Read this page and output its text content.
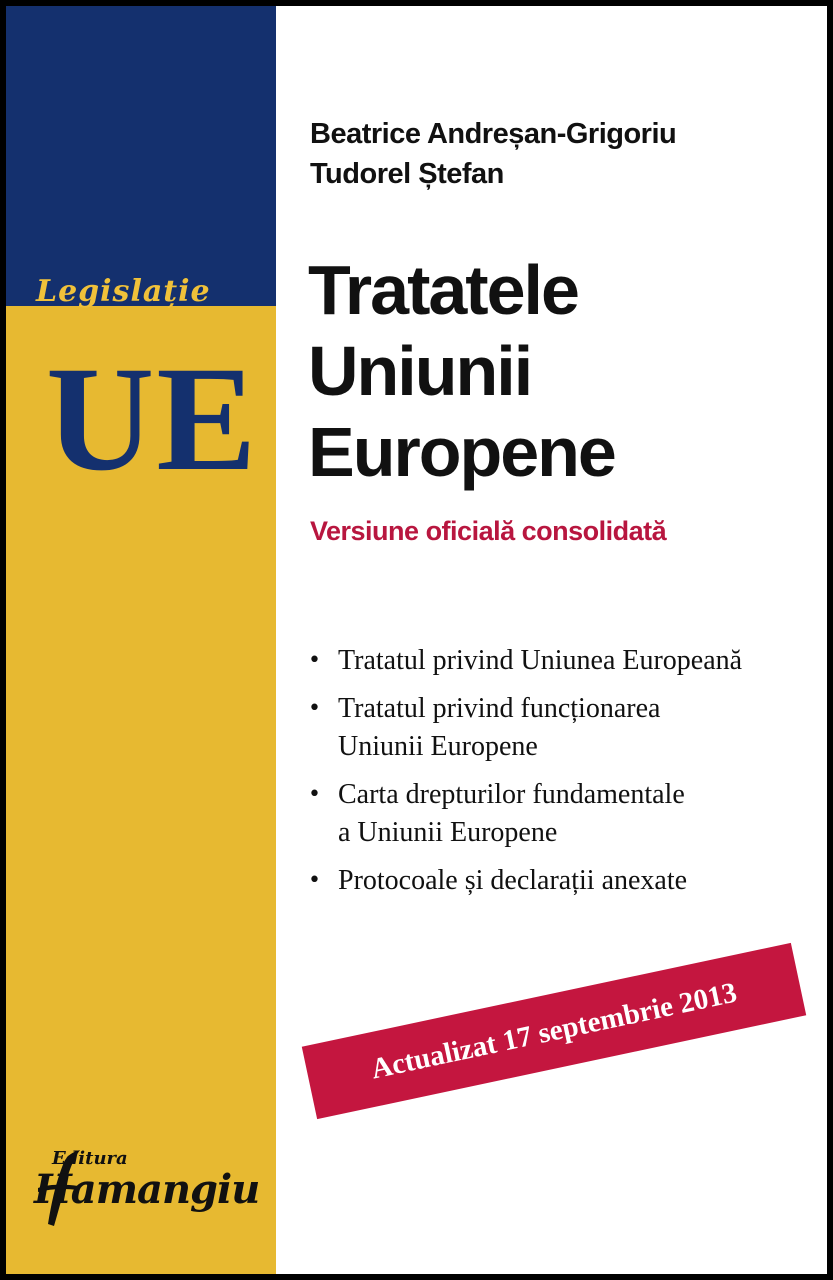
Legislație
UE
Beatrice Andreșan-Grigoriu
Tudorel Ștefan
Tratatele
Uniunii
Europene
Versiune oficială consolidată
• Tratatul privind Uniunea Europeană
• Tratatul privind funcționarea
Uniunii Europene
• Carta drepturilor fundamentale
a Uniunii Europene
• Protocoale și declarații anexate
Actualizat 17 septembrie 2013
Editura
Hamangiu
